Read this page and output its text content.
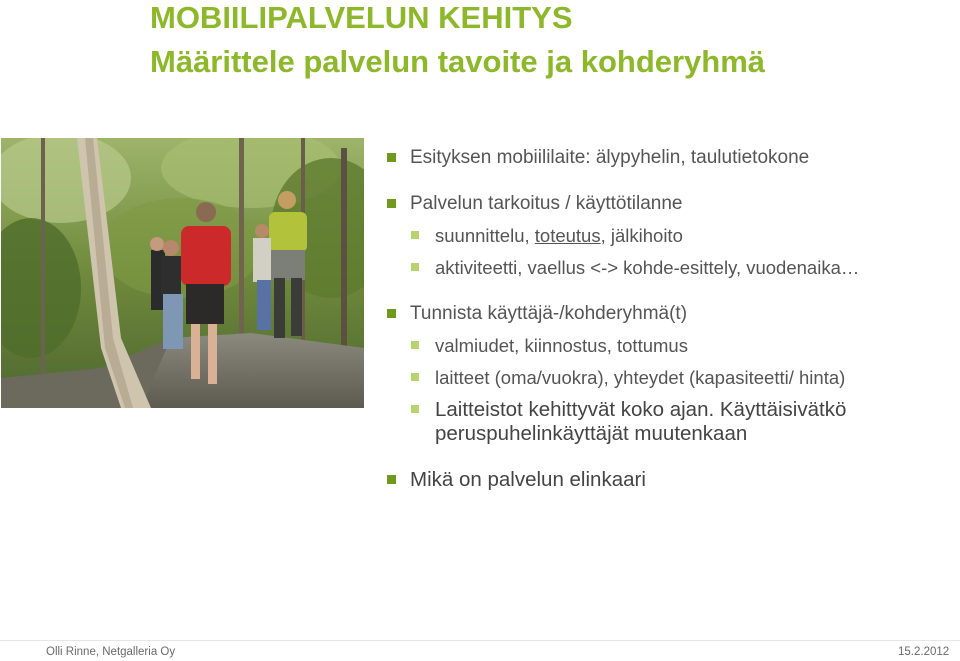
MOBIILIPALVELUN KEHITYS
Määrittele palvelun tavoite ja kohderyhmä
Esityksen mobiililaite: älypyhelin, taulutietokone
Palvelun tarkoitus / käyttötilanne
suunnittelu, toteutus, jälkihoito
aktiviteetti, vaellus <-> kohde-esittely, vuodenaika…
Tunnista käyttäjä-/kohderyhmä(t)
valmiudet, kiinnostus, tottumus
laitteet (oma/vuokra), yhteydet (kapasiteetti/ hinta)
Laitteistot kehittyvät koko ajan. Käyttäisivätkö peruspuhelinkäyttäjät muutenkaan
Mikä on palvelun elinkaari
Olli Rinne, Netgalleria Oy	15.2.2012
